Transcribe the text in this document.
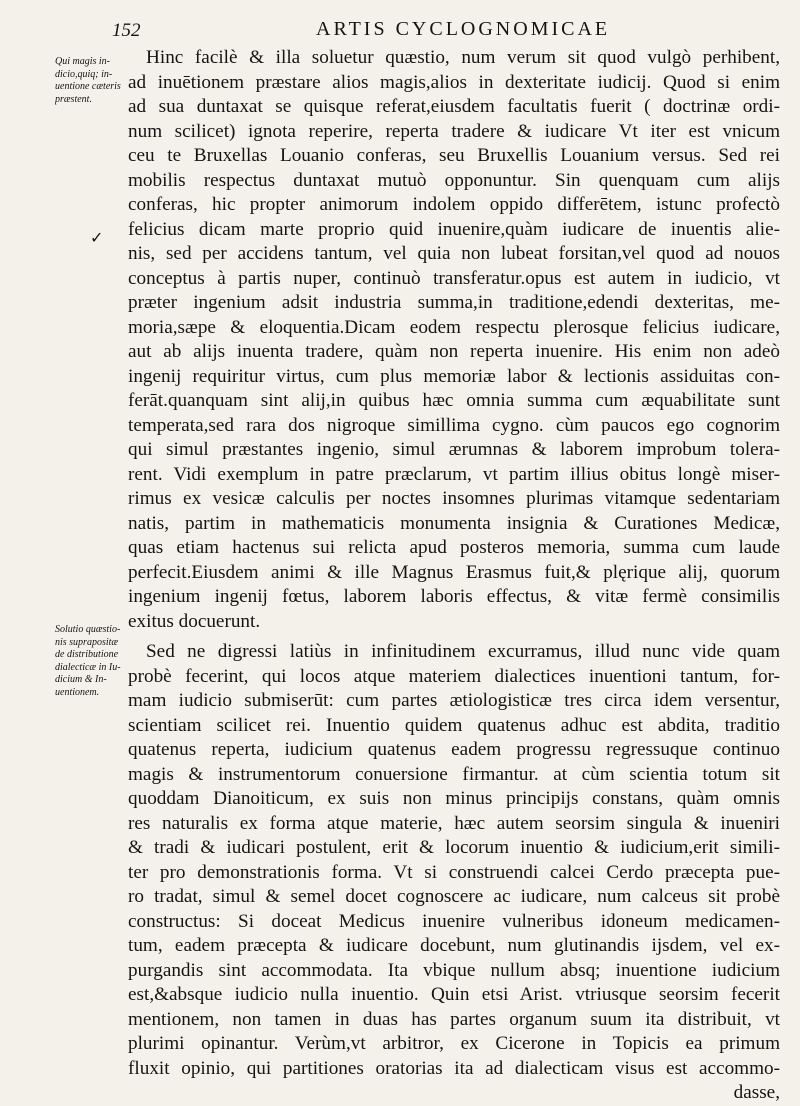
152	ARTIS CYCLOGNOMICAE
Qui magis in-
dicio,quiq; in-
uentione cæteris
præstent.
✓
Solutio quæstio-
nis suprapositæ
de distributione
dialecticæ in Iu-
dicium & In-
uentionem.
Hinc facilè & illa soluetur quæstio, num verum sit quod vulgò perhibent,
ad inuētionem præstare alios magis,alios in dexteritate iudicij. Quod si enim
ad sua duntaxat se quisque referat,eiusdem facultatis fuerit ( doctrinæ ordi-
num scilicet) ignota reperire, reperta tradere & iudicare Vt iter est vnicum
ceu te Bruxellas Louanio conferas, seu Bruxellis Louanium versus. Sed rei
mobilis respectus duntaxat mutuò opponuntur. Sin quenquam cum alijs
conferas, hic propter animorum indolem oppido differētem, istunc profectò
felicius dicam marte proprio quid inuenire,quàm iudicare de inuentis alie-
nis, sed per accidens tantum, vel quia non lubeat forsitan,vel quod ad nouos
conceptus à partis nuper, continuò transferatur.opus est autem in iudicio, vt
præter ingenium adsit industria summa,in traditione,edendi dexteritas, me-
moria,sæpe & eloquentia.Dicam eodem respectu plerosque felicius iudicare,
aut ab alijs inuenta tradere, quàm non reperta inuenire. His enim non adeò
ingenij requiritur virtus, cum plus memoriæ labor & lectionis assiduitas con-
ferāt.quanquam sint alij,in quibus hæc omnia summa cum æquabilitate sunt
temperata,sed rara dos nigroque simillima cygno. cùm paucos ego cognorim
qui simul præstantes ingenio, simul ærumnas & laborem improbum tolera-
rent. Vidi exemplum in patre præclarum, vt partim illius obitus longè miser-
rimus ex vesicæ calculis per noctes insomnes plurimas vitamque sedentariam
natis, partim in mathematicis monumenta insignia & Curationes Medicæ,
quas etiam hactenus sui relicta apud posteros memoria, summa cum laude
perfecit.Eiusdem animi & ille Magnus Erasmus fuit,& plęrique alij, quorum
ingenium ingenij fœtus, laborem laboris effectus, & vitæ fermè consimilis
exitus docuerunt.
Sed ne digressi latiùs in infinitudinem excurramus, illud nunc vide quam
probè fecerint, qui locos atque materiem dialectices inuentioni tantum, for-
mam iudicio submiserūt: cum partes ætiologisticæ tres circa idem versentur,
scientiam scilicet rei. Inuentio quidem quatenus adhuc est abdita, traditio
quatenus reperta, iudicium quatenus eadem progressu regressuque continuo
magis & instrumentorum conuersione firmantur. at cùm scientia totum sit
quoddam Dianoiticum, ex suis non minus principijs constans, quàm omnis
res naturalis ex forma atque materie, hæc autem seorsim singula & inueniri
& tradi & iudicari postulent, erit & locorum inuentio & iudicium,erit simili-
ter pro demonstrationis forma. Vt si construendi calcei Cerdo præcepta pue-
ro tradat, simul & semel docet cognoscere ac iudicare, num calceus sit probè
constructus: Si doceat Medicus inuenire vulneribus idoneum medicamen-
tum, eadem præcepta & iudicare docebunt, num glutinandis ijsdem, vel ex-
purgandis sint accommodata. Ita vbique nullum absq; inuentione iudicium
est,&absque iudicio nulla inuentio. Quin etsi Arist. vtriusque seorsim fecerit
mentionem, non tamen in duas has partes organum suum ita distribuit, vt
plurimi opinantur. Verùm,vt arbitror, ex Cicerone in Topicis ea primum
fluxit opinio, qui partitiones oratorias ita ad dialecticam visus est accommo-
dasse,
